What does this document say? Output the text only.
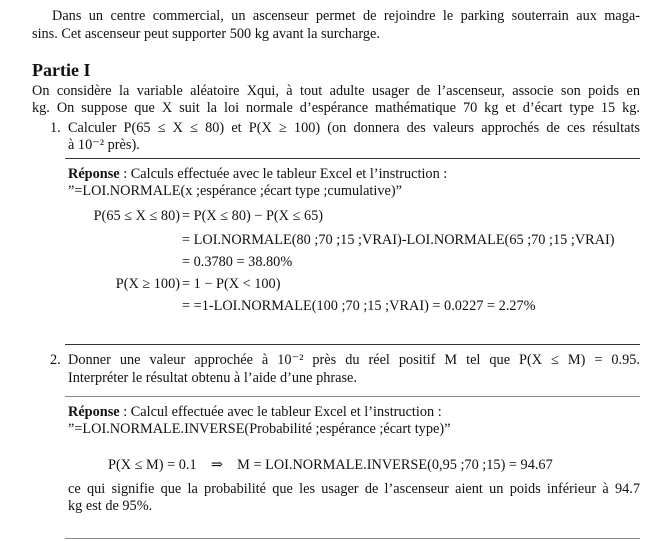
Dans un centre commercial, un ascenseur permet de rejoindre le parking souterrain aux maga-
sins. Cet ascenseur peut supporter 500 kg avant la surcharge.
Partie I
On considère la variable aléatoire Xqui, à tout adulte usager de l’ascenseur, associe son poids en
kg. On suppose que X suit la loi normale d’espérance mathématique 70 kg et d’écart type 15 kg.
1. Calculer P(65 ≤ X ≤ 80) et P(X ≥ 100) (on donnera des valeurs approchés de ces résultats
à 10⁻² près).
Réponse : Calculs effectuée avec le tableur Excel et l’instruction :
”=LOI.NORMALE(x ;espérance ;écart type ;cumulative)”
P(65 ≤ X ≤ 80) = P(X ≤ 80) − P(X ≤ 65)
= LOI.NORMALE(80 ;70 ;15 ;VRAI)-LOI.NORMALE(65 ;70 ;15 ;VRAI)
= 0.3780 = 38.80%
P(X ≥ 100) = 1 − P(X < 100)
= =1-LOI.NORMALE(100 ;70 ;15 ;VRAI) = 0.0227 = 2.27%
2. Donner une valeur approchée à 10⁻² près du réel positif M tel que P(X ≤ M) = 0.95.
Interpréter le résultat obtenu à l’aide d’une phrase.
Réponse : Calcul effectuée avec le tableur Excel et l’instruction :
”=LOI.NORMALE.INVERSE(Probabilité ;espérance ;écart type)”
P(X ≤ M) = 0.1    ⇒    M = LOI.NORMALE.INVERSE(0,95 ;70 ;15) = 94.67
ce qui signifie que la probabilité que les usager de l’ascenseur aient un poids inférieur à 94.7
kg est de 95%.
